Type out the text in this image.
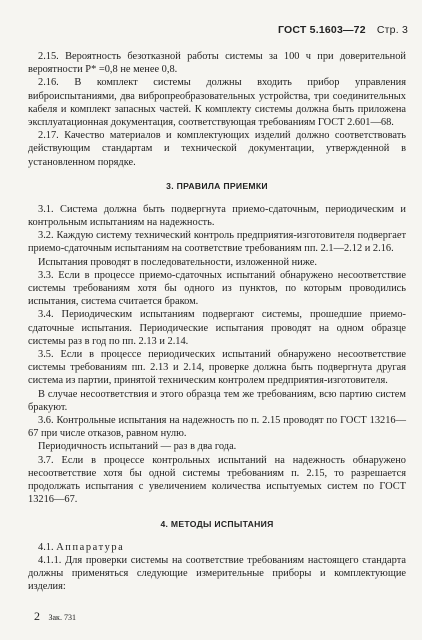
ГОСТ 5.1603—72 Стр. 3

2.15. Вероятность безотказной работы системы за 100 ч при доверительной вероятности P* =0,8 не менее 0,8.

2.16. В комплект системы должны входить прибор управления виброиспытаниями, два вибропреобразовательных устройства, три соединительных кабеля и комплект запасных частей. К комплекту системы должна быть приложена эксплуатационная документация, соответствующая требованиям ГОСТ 2.601—68.

2.17. Качество материалов и комплектующих изделий должно соответствовать действующим стандартам и технической документации, утвержденной в установленном порядке.

3. ПРАВИЛА ПРИЕМКИ

3.1. Система должна быть подвергнута приемо-сдаточным, периодическим и контрольным испытаниям на надежность.

3.2. Каждую систему технический контроль предприятия-изготовителя подвергает приемо-сдаточным испытаниям на соответствие требованиям пп. 2.1—2.12 и 2.16.

Испытания проводят в последовательности, изложенной ниже.

3.3. Если в процессе приемо-сдаточных испытаний обнаружено несоответствие системы требованиям хотя бы одного из пунктов, по которым проводились испытания, система считается браком.

3.4. Периодическим испытаниям подвергают системы, прошедшие приемо-сдаточные испытания. Периодические испытания проводят на одном образце системы раз в год по пп. 2.13 и 2.14.

3.5. Если в процессе периодических испытаний обнаружено несоответствие системы требованиям пп. 2.13 и 2.14, проверке должна быть подвергнута другая система из партии, принятой техническим контролем предприятия-изготовителя.

В случае несоответствия и этого образца тем же требованиям, всю партию систем бракуют.

3.6. Контрольные испытания на надежность по п. 2.15 проводят по ГОСТ 13216—67 при числе отказов, равном нулю.

Периодичность испытаний — раз в два года.

3.7. Если в процессе контрольных испытаний на надежность обнаружено несоответствие хотя бы одной системы требованиям п. 2.15, то разрешается продолжать испытания с увеличением количества испытуемых систем по ГОСТ 13216—67.

4. МЕТОДЫ ИСПЫТАНИЯ

4.1. Аппаратура

4.1.1. Для проверки системы на соответствие требованиям настоящего стандарта должны применяться следующие измерительные приборы и комплектующие изделия:

2 Зак. 731
